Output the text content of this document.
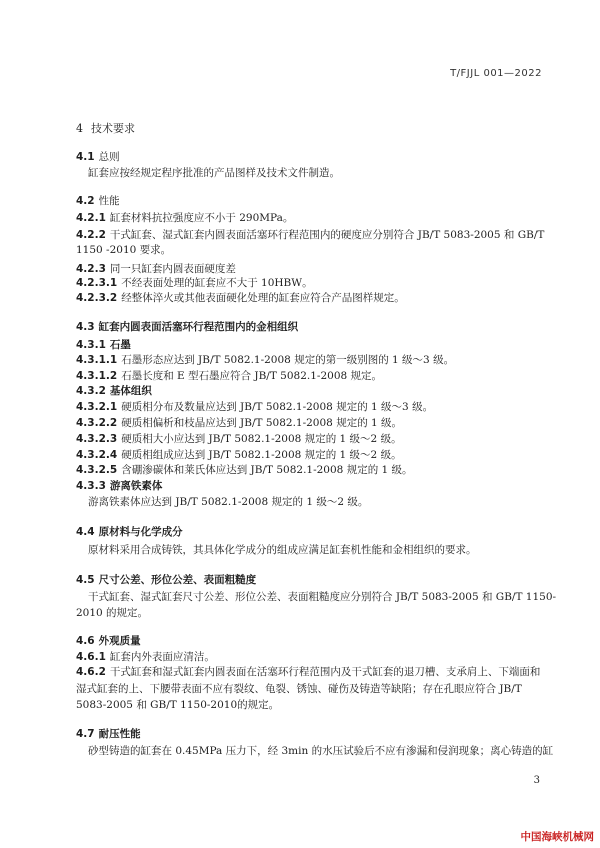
T/FJJL 001—2022
4 技术要求
4.1 总则
缸套应按经规定程序批准的产品图样及技术文件制造。
4.2 性能
4.2.1 缸套材料抗拉强度应不小于 290MPa。
4.2.2 干式缸套、湿式缸套内圆表面活塞环行程范围内的硬度应分别符合 JB/T 5083-2005 和 GB/T
1150 -2010 要求。
4.2.3 同一只缸套内圆表面硬度差
4.2.3.1 不经表面处理的缸套应不大于 10HBW。
4.2.3.2 经整体淬火或其他表面硬化处理的缸套应符合产品图样规定。
4.3 缸套内圆表面活塞环行程范围内的金相组织
4.3.1 石墨
4.3.1.1 石墨形态应达到 JB/T 5082.1-2008 规定的第一级别图的 1 级～3 级。
4.3.1.2 石墨长度和 E 型石墨应符合 JB/T 5082.1-2008 规定。
4.3.2 基体组织
4.3.2.1 硬质相分布及数量应达到 JB/T 5082.1-2008 规定的 1 级～3 级。
4.3.2.2 硬质相偏析和枝晶应达到 JB/T 5082.1-2008 规定的 1 级。
4.3.2.3 硬质相大小应达到 JB/T 5082.1-2008 规定的 1 级～2 级。
4.3.2.4 硬质相组成应达到 JB/T 5082.1-2008 规定的 1 级～2 级。
4.3.2.5 含硼渗碳体和莱氏体应达到 JB/T 5082.1-2008 规定的 1 级。
4.3.3 游离铁素体
游离铁素体应达到 JB/T 5082.1-2008 规定的 1 级～2 级。
4.4 原材料与化学成分
原材料采用合成铸铁，其具体化学成分的组成应满足缸套机性能和金相组织的要求。
4.5 尺寸公差、形位公差、表面粗糙度
干式缸套、湿式缸套尺寸公差、形位公差、表面粗糙度应分别符合 JB/T 5083-2005 和 GB/T 1150-
2010 的规定。
4.6 外观质量
4.6.1 缸套内外表面应清洁。
4.6.2 干式缸套和湿式缸套内圆表面在活塞环行程范围内及干式缸套的退刀槽、支承肩上、下端面和
湿式缸套的上、下腰带表面不应有裂纹、龟裂、锈蚀、碰伤及铸造等缺陷；存在孔眼应符合 JB/T
5083-2005 和 GB/T 1150-2010的规定。
4.7 耐压性能
砂型铸造的缸套在 0.45MPa 压力下，经 3min 的水压试验后不应有渗漏和侵润现象；离心铸造的缸
3
中国海峡机械网
